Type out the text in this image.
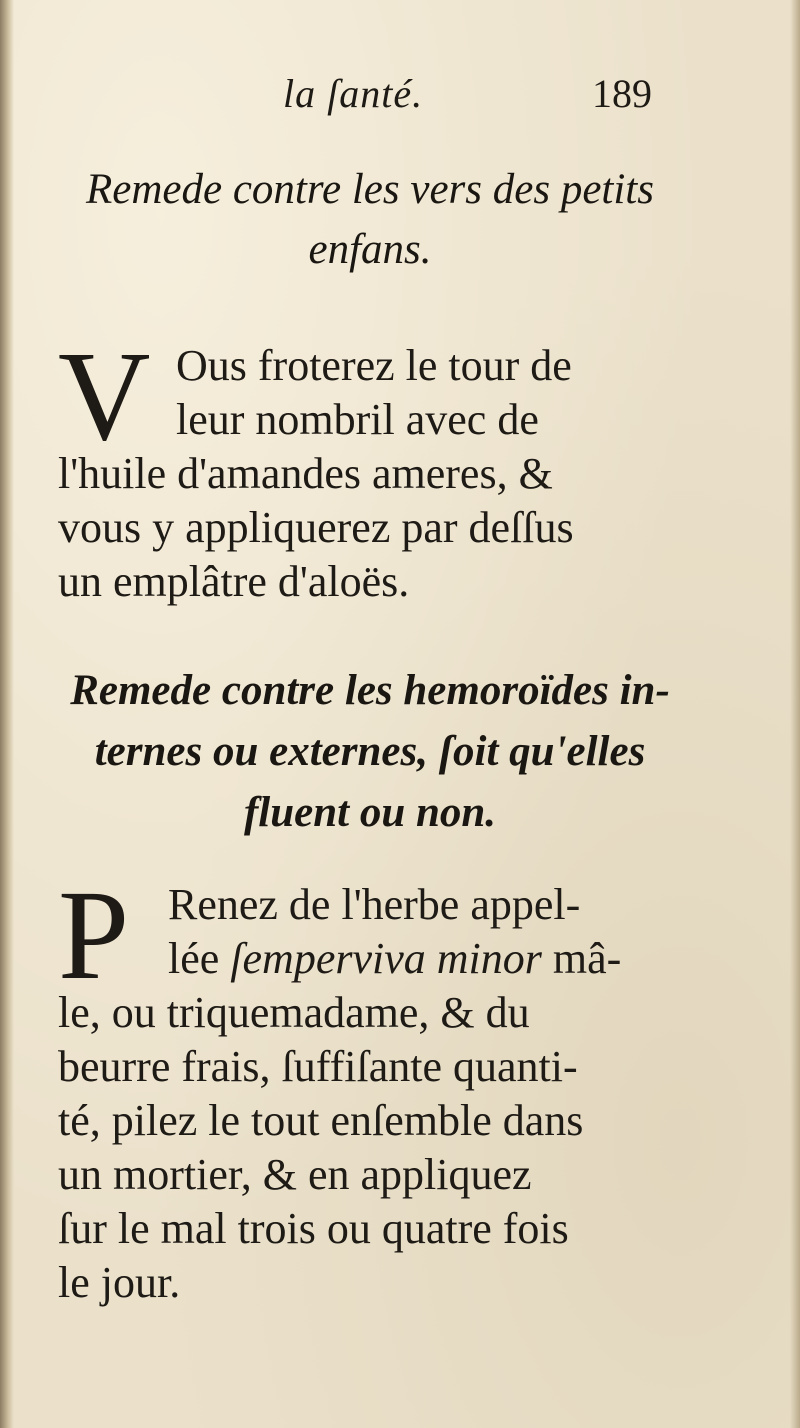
la ſanté.	189
Remede contre les vers des petits
enfans.
V Ous froterez le tour de
leur nombril avec de
l'huile d'amandes ameres, &
vous y appliquerez par deſſus
un emplâtre d'aloës.
Remede contre les hemoroïdes in-
ternes ou externes, ſoit qu'elles
fluent ou non.
P Renez de l'herbe appel-
lée ſemperviva minor mâ-
le, ou triquemadame, & du
beurre frais, ſuffiſante quanti-
té, pilez le tout enſemble dans
un mortier, & en appliquez
ſur le mal trois ou quatre fois
le jour.
